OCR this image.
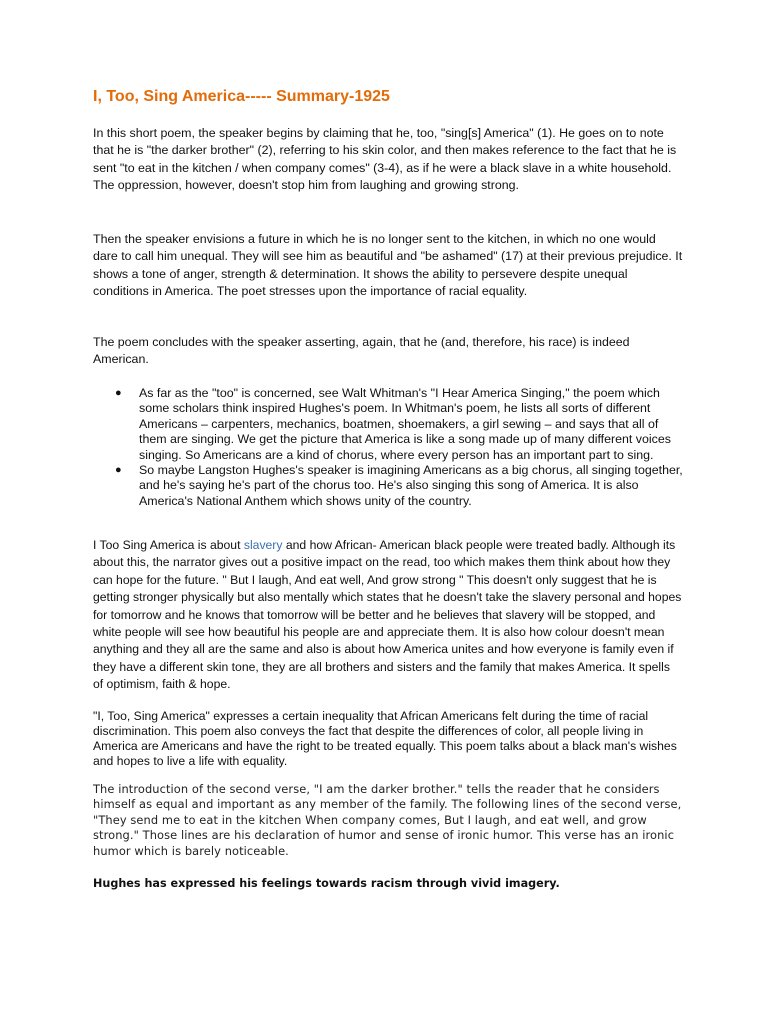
I, Too, Sing America----- Summary-1925

In this short poem, the speaker begins by claiming that he, too, "sing[s] America" (1). He goes on to note that he is "the darker brother" (2), referring to his skin color, and then makes reference to the fact that he is sent "to eat in the kitchen / when company comes" (3-4), as if he were a black slave in a white household. The oppression, however, doesn't stop him from laughing and growing strong.

Then the speaker envisions a future in which he is no longer sent to the kitchen, in which no one would dare to call him unequal. They will see him as beautiful and "be ashamed" (17) at their previous prejudice. It shows a tone of anger, strength & determination. It shows the ability to persevere despite unequal conditions in America. The poet stresses upon the importance of racial equality.

The poem concludes with the speaker asserting, again, that he (and, therefore, his race) is indeed American.

● As far as the "too" is concerned, see Walt Whitman's "I Hear America Singing," the poem which some scholars think inspired Hughes's poem. In Whitman's poem, he lists all sorts of different Americans – carpenters, mechanics, boatmen, shoemakers, a girl sewing – and says that all of them are singing. We get the picture that America is like a song made up of many different voices singing. So Americans are a kind of chorus, where every person has an important part to sing.
● So maybe Langston Hughes's speaker is imagining Americans as a big chorus, all singing together, and he's saying he's part of the chorus too. He's also singing this song of America. It is also America's National Anthem which shows unity of the country.

I Too Sing America is about slavery and how African- American black people were treated badly. Although its about this, the narrator gives out a positive impact on the read, too which makes them think about how they can hope for the future. " But I laugh, And eat well, And grow strong " This doesn't only suggest that he is getting stronger physically but also mentally which states that he doesn't take the slavery personal and hopes for tomorrow and he knows that tomorrow will be better and he believes that slavery will be stopped, and white people will see how beautiful his people are and appreciate them. It is also how colour doesn't mean anything and they all are the same and also is about how America unites and how everyone is family even if they have a different skin tone, they are all brothers and sisters and the family that makes America. It spells of optimism, faith & hope.

"I, Too, Sing America" expresses a certain inequality that African Americans felt during the time of racial discrimination. This poem also conveys the fact that despite the differences of color, all people living in America are Americans and have the right to be treated equally. This poem talks about a black man's wishes and hopes to live a life with equality.

The introduction of the second verse, "I am the darker brother." tells the reader that he considers himself as equal and important as any member of the family. The following lines of the second verse, "They send me to eat in the kitchen When company comes, But I laugh, and eat well, and grow strong." Those lines are his declaration of humor and sense of ironic humor. This verse has an ironic humor which is barely noticeable.

Hughes has expressed his feelings towards racism through vivid imagery.
